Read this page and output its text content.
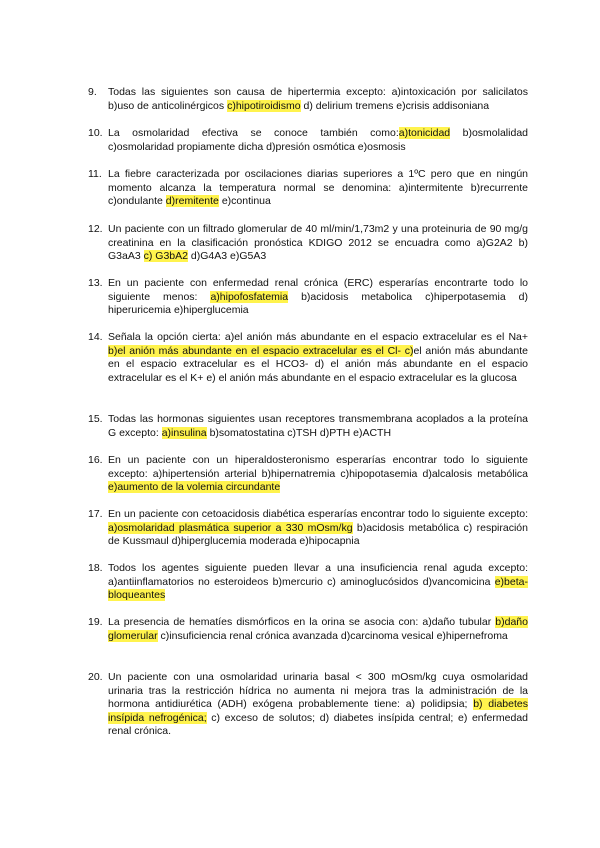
9.	Todas las siguientes son causa de hipertermia excepto: a)intoxicación por salicilatos b)uso de anticolinérgicos c)hipotiroidismo d) delirium tremens e)crisis addisoniana
10. La osmolaridad efectiva se conoce también como:a)tonicidad b)osmolalidad c)osmolaridad propiamente dicha d)presión osmótica e)osmosis
11. La fiebre caracterizada por oscilaciones diarias superiores a 1ºC pero que en ningún momento alcanza la temperatura normal se denomina: a)intermitente b)recurrente c)ondulante d)remitente e)continua
12. Un paciente con un filtrado glomerular de 40 ml/min/1,73m2 y una proteinuria de 90 mg/g creatinina en la clasificación pronóstica KDIGO 2012 se encuadra como a)G2A2 b) G3aA3 c) G3bA2 d)G4A3 e)G5A3
13. En un paciente con enfermedad renal crónica (ERC) esperarías encontrarte todo lo siguiente menos: a)hipofosfatemia b)acidosis metabolica c)hiperpotasemia d) hiperuricemia e)hiperglucemia
14. Señala la opción cierta: a)el anión más abundante en el espacio extracelular es el Na+ b)el anión más abundante en el espacio extracelular es el Cl- c)el anión más abundante en el espacio extracelular es el HCO3- d) el anión más abundante en el espacio extracelular es el K+ e) el anión más abundante en el espacio extracelular es la glucosa
15. Todas las hormonas siguientes usan receptores transmembrana acoplados a la proteína G excepto: a)insulina b)somatostatina c)TSH d)PTH e)ACTH
16. En un paciente con un hiperaldosteronismo esperarías encontrar todo lo siguiente excepto: a)hipertensión arterial b)hipernatremia c)hipopotasemia d)alcalosis metabólica e)aumento de la volemia circundante
17. En un paciente con cetoacidosis diabética esperarías encontrar todo lo siguiente excepto: a)osmolaridad plasmática superior a 330 mOsm/kg b)acidosis metabólica c) respiración de Kussmaul d)hiperglucemia moderada e)hipocapnia
18. Todos los agentes siguiente pueden llevar a una insuficiencia renal aguda excepto: a)antiinflamatorios no esteroideos b)mercurio c) aminoglucósidos d)vancomicina e)beta-bloqueantes
19. La presencia de hematíes dismórficos en la orina se asocia con: a)daño tubular b)daño glomerular c)insuficiencia renal crónica avanzada d)carcinoma vesical e)hipernefroma
20. Un paciente con una osmolaridad urinaria basal < 300 mOsm/kg cuya osmolaridad urinaria tras la restricción hídrica no aumenta ni mejora tras la administración de la hormona antidiurética (ADH) exógena probablemente tiene: a) polidipsia; b) diabetes insípida nefrogénica; c) exceso de solutos; d) diabetes insípida central; e) enfermedad renal crónica.
